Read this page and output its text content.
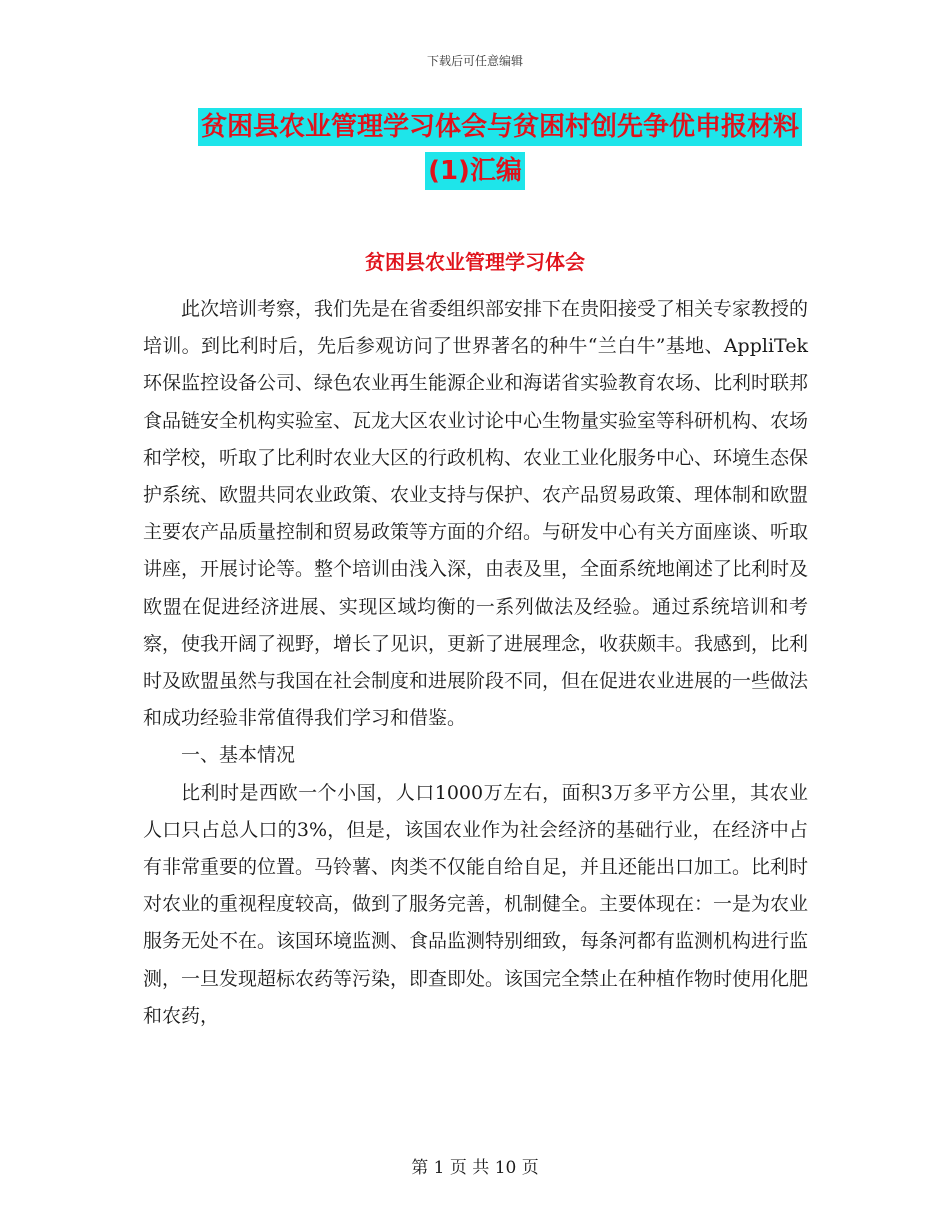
下载后可任意编辑
贫困县农业管理学习体会与贫困村创先争优申报材料
(1)汇编
贫困县农业管理学习体会

此次培训考察，我们先是在省委组织部安排下在贵阳接受了相关专家教授的培训。到比利时后，先后参观访问了世界著名的种牛“兰白牛”基地、AppliTek环保监控设备公司、绿色农业再生能源企业和海诺省实验教育农场、比利时联邦食品链安全机构实验室、瓦龙大区农业讨论中心生物量实验室等科研机构、农场和学校，听取了比利时农业大区的行政机构、农业工业化服务中心、环境生态保护系统、欧盟共同农业政策、农业支持与保护、农产品贸易政策、理体制和欧盟主要农产品质量控制和贸易政策等方面的介绍。与研发中心有关方面座谈、听取讲座，开展讨论等。整个培训由浅入深，由表及里，全面系统地阐述了比利时及欧盟在促进经济进展、实现区域均衡的一系列做法及经验。通过系统培训和考察，使我开阔了视野，增长了见识，更新了进展理念，收获颇丰。我感到，比利时及欧盟虽然与我国在社会制度和进展阶段不同，但在促进农业进展的一些做法和成功经验非常值得我们学习和借鉴。

一、基本情况

比利时是西欧一个小国，人口1000万左右，面积3万多平方公里，其农业人口只占总人口的3%，但是，该国农业作为社会经济的基础行业，在经济中占有非常重要的位置。马铃薯、肉类不仅能自给自足，并且还能出口加工。比利时对农业的重视程度较高，做到了服务完善，机制健全。主要体现在：一是为农业服务无处不在。该国环境监测、食品监测特别细致，每条河都有监测机构进行监测，一旦发现超标农药等污染，即查即处。该国完全禁止在种植作物时使用化肥和农药，

第 1 页 共 10 页
